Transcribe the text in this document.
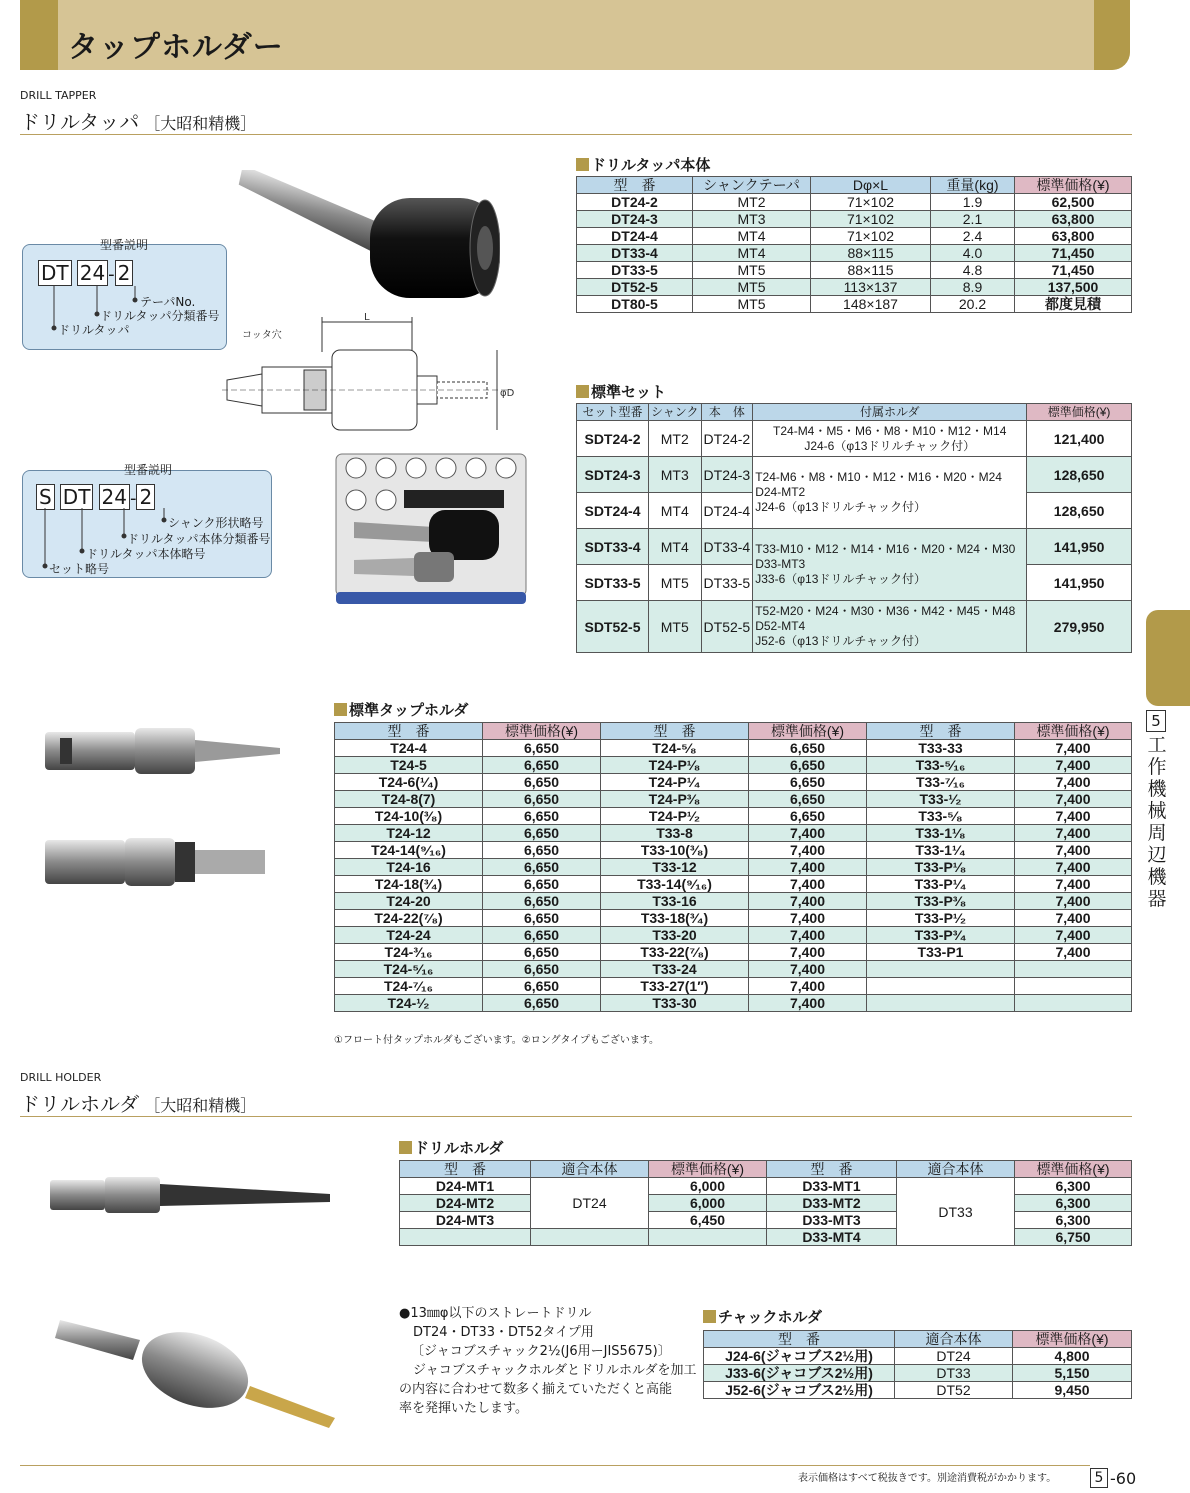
タップホルダー
DRILL TAPPER
ドリルタッパ ［大昭和精機］
型番説明
DT 24 - 2
テーパNo.
ドリルタッパ分類番号
ドリルタッパ
L
コッタ穴
φD
型番説明
S DT 24 - 2
シャンク形状略号
ドリルタッパ本体分類番号
ドリルタッパ本体略号
セット略号
ドリルタッパ本体
型　番	シャンクテーパ	Dφ×L	重量(kg)	標準価格(¥)
DT24-2	MT2	71×102	1.9	62,500
DT24-3	MT3	71×102	2.1	63,800
DT24-4	MT4	71×102	2.4	63,800
DT33-4	MT4	88×115	4.0	71,450
DT33-5	MT5	88×115	4.8	71,450
DT52-5	MT5	113×137	8.9	137,500
DT80-5	MT5	148×187	20.2	都度見積
標準セット
セット型番	シャンク	本　体	付属ホルダ	標準価格(¥)
SDT24-2	MT2	DT24-2	T24-M4・M5・M6・M8・M10・M12・M14
J24-6（φ13ドリルチャック付）	121,400
SDT24-3	MT3	DT24-3	T24-M6・M8・M10・M12・M16・M20・M24
D24-MT2
J24-6（φ13ドリルチャック付）	128,650
SDT24-4	MT4	DT24-4		128,650
SDT33-4	MT4	DT33-4	T33-M10・M12・M14・M16・M20・M24・M30
D33-MT3
J33-6（φ13ドリルチャック付）	141,950
SDT33-5	MT5	DT33-5		141,950
SDT52-5	MT5	DT52-5	T52-M20・M24・M30・M36・M42・M45・M48
D52-MT4
J52-6（φ13ドリルチャック付）	279,950
標準タップホルダ
型　番	標準価格(¥)	型　番	標準価格(¥)	型　番	標準価格(¥)
T24-4	6,650	T24-⁵⁄₈	6,650	T33-33	7,400
T24-5	6,650	T24-P¹⁄₈	6,650	T33-⁵⁄₁₆	7,400
T24-6(¹⁄₄)	6,650	T24-P¹⁄₄	6,650	T33-⁷⁄₁₆	7,400
T24-8(7)	6,650	T24-P³⁄₈	6,650	T33-¹⁄₂	7,400
T24-10(³⁄₈)	6,650	T24-P¹⁄₂	6,650	T33-⁵⁄₈	7,400
T24-12	6,650	T33-8	7,400	T33-1¹⁄₈	7,400
T24-14(⁹⁄₁₆)	6,650	T33-10(³⁄₈)	7,400	T33-1¹⁄₄	7,400
T24-16	6,650	T33-12	7,400	T33-P¹⁄₈	7,400
T24-18(³⁄₄)	6,650	T33-14(⁹⁄₁₆)	7,400	T33-P¹⁄₄	7,400
T24-20	6,650	T33-16	7,400	T33-P³⁄₈	7,400
T24-22(⁷⁄₈)	6,650	T33-18(³⁄₄)	7,400	T33-P¹⁄₂	7,400
T24-24	6,650	T33-20	7,400	T33-P³⁄₄	7,400
T24-³⁄₁₆	6,650	T33-22(⁷⁄₈)	7,400	T33-P1	7,400
T24-⁵⁄₁₆	6,650	T33-24	7,400		
T24-⁷⁄₁₆	6,650	T33-27(1″)	7,400		
T24-¹⁄₂	6,650	T33-30	7,400		
①フロート付タップホルダもございます。②ロングタイプもございます。
DRILL HOLDER
ドリルホルダ ［大昭和精機］
ドリルホルダ
型　番	適合本体	標準価格(¥)	型　番	適合本体	標準価格(¥)
D24-MT1	DT24	6,000	D33-MT1	DT33	6,300
D24-MT2		6,000	D33-MT2		6,300
D24-MT3		6,450	D33-MT3		6,300
			D33-MT4		6,750
●13㎜φ以下のストレートドリル
DT24・DT33・DT52タイプ用
〔ジャコブスチャック2½(J6用ーJIS5675)〕
ジャコブスチャックホルダとドリルホルダを加工
の内容に合わせて数多く揃えていただくと高能
率を発揮いたします。
チャックホルダ
型　番	適合本体	標準価格(¥)
J24-6(ジャコブス2½用)	DT24	4,800
J33-6(ジャコブス2½用)	DT33	5,150
J52-6(ジャコブス2½用)	DT52	9,450
5
工作機械周辺機器
表示価格はすべて税抜きです。別途消費税がかかります。	5 -60
